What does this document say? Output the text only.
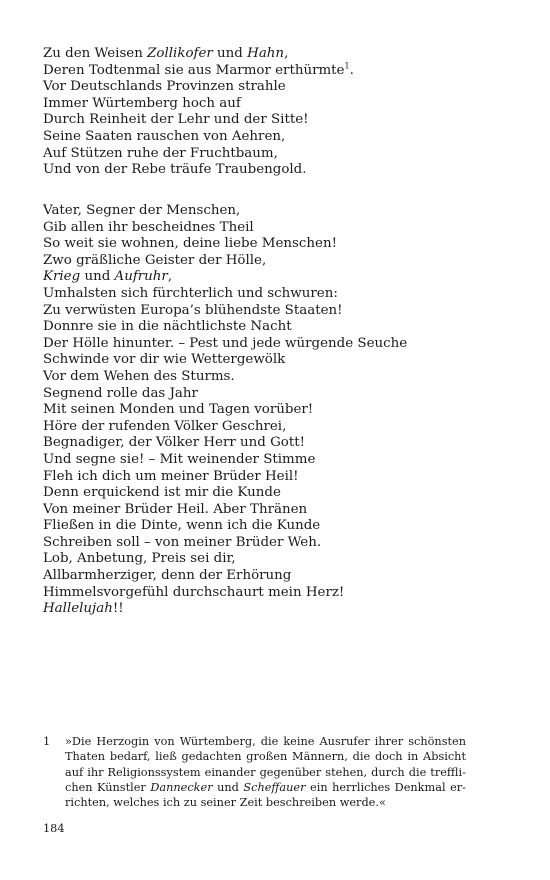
Zu den Weisen Zollikofer und Hahn,
Deren Todtenmal sie aus Marmor erthürmte$^1$.
Vor Deutschlands Provinzen strahle
Immer Würtemberg hoch auf
Durch Reinheit der Lehr und der Sitte!
Seine Saaten rauschen von Aehren,
Auf Stützen ruhe der Fruchtbaum,
Und von der Rebe träufe Traubengold.
Vater, Segner der Menschen,
Gib allen ihr bescheidnes Theil
So weit sie wohnen, deine liebe Menschen!
Zwo gräßliche Geister der Hölle,
Krieg und Aufruhr,
Umhalsten sich fürchterlich und schwuren:
Zu verwüsten Europa’s blühendste Staaten!
Donnre sie in die nächtlichste Nacht
Der Hölle hinunter. – Pest und jede würgende Seuche
Schwinde vor dir wie Wettergewölk
Vor dem Wehen des Sturms.
Segnend rolle das Jahr
Mit seinen Monden und Tagen vorüber!
Höre der rufenden Völker Geschrei,
Begnadiger, der Völker Herr und Gott!
Und segne sie! – Mit weinender Stimme
Fleh ich dich um meiner Brüder Heil!
Denn erquickend ist mir die Kunde
Von meiner Brüder Heil. Aber Thränen
Fließen in die Dinte, wenn ich die Kunde
Schreiben soll – von meiner Brüder Weh.
Lob, Anbetung, Preis sei dir,
Allbarmherziger, denn der Erhörung
Himmelsvorgefühl durchschaurt mein Herz!
Hallelujah!!
1 »Die Herzogin von Würtemberg, die keine Ausrufer ihrer schönsten Thaten bedarf, ließ gedachten großen Männern, die doch in Absicht auf ihr Religionssystem einander gegenüber stehen, durch die trefflichen Künstler Dannecker und Scheffauer ein herrliches Denkmal errichten, welches ich zu seiner Zeit beschreiben werde.«
184
